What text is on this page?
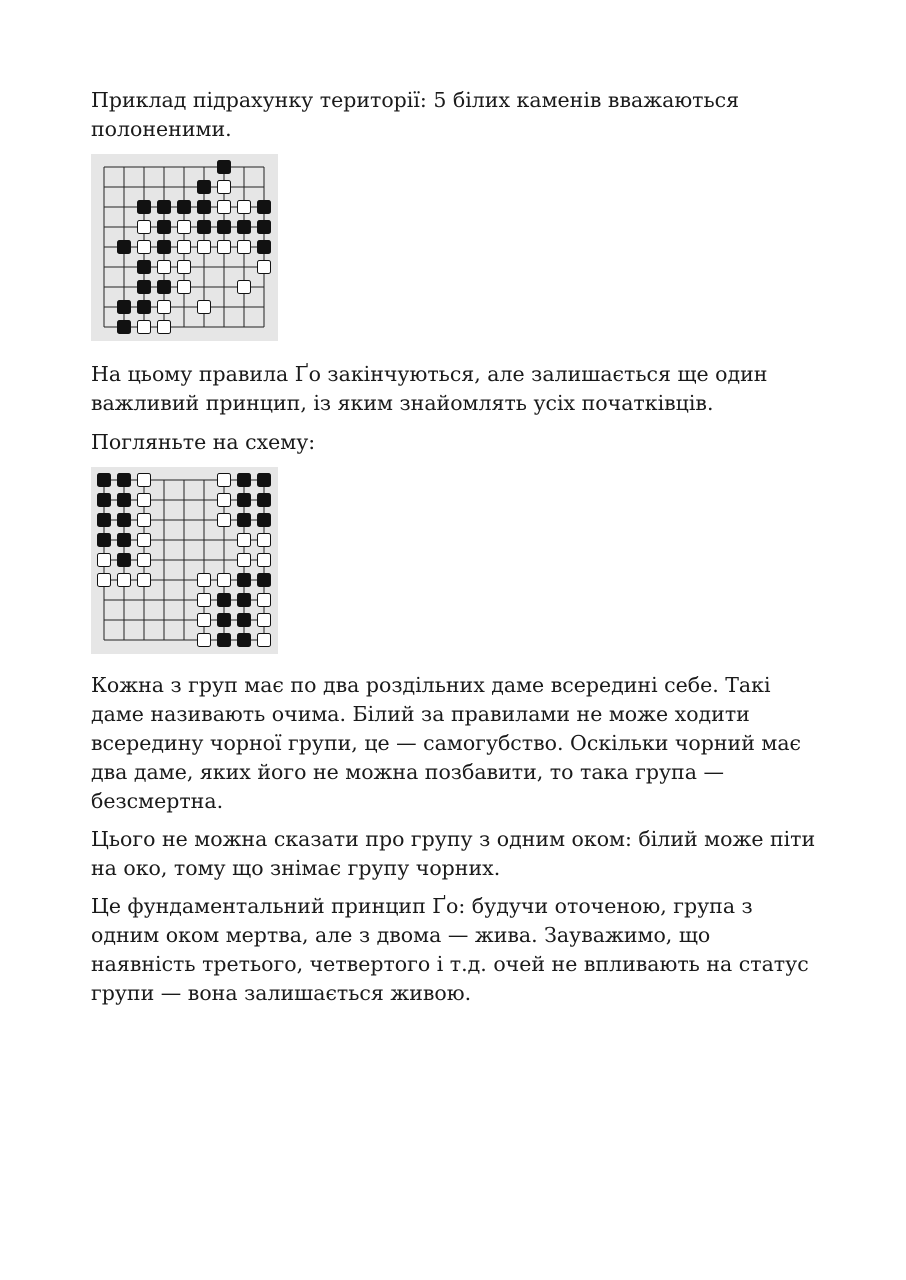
Приклад підрахунку території: 5 білих каменів вважаються полоненими.

На цьому правила Ґо закінчуються, але залишається ще один важливий принцип, із яким знайомлять усіх початківців.

Погляньте на схему:

Кожна з груп має по два роздільних даме всередині себе. Такі даме називають очима. Білий за правилами не може ходити всередину чорної групи, це — самогубство. Оскільки чорний має два даме, яких його не можна позбавити, то така група — безсмертна.

Цього не можна сказати про групу з одним оком: білий може піти на око, тому що знімає групу чорних.

Це фундаментальний принцип Ґо: будучи оточеною, група з одним оком мертва, але з двома — жива. Зауважимо, що наявність третього, четвертого і т.д. очей не впливають на статус групи — вона залишається живою.
